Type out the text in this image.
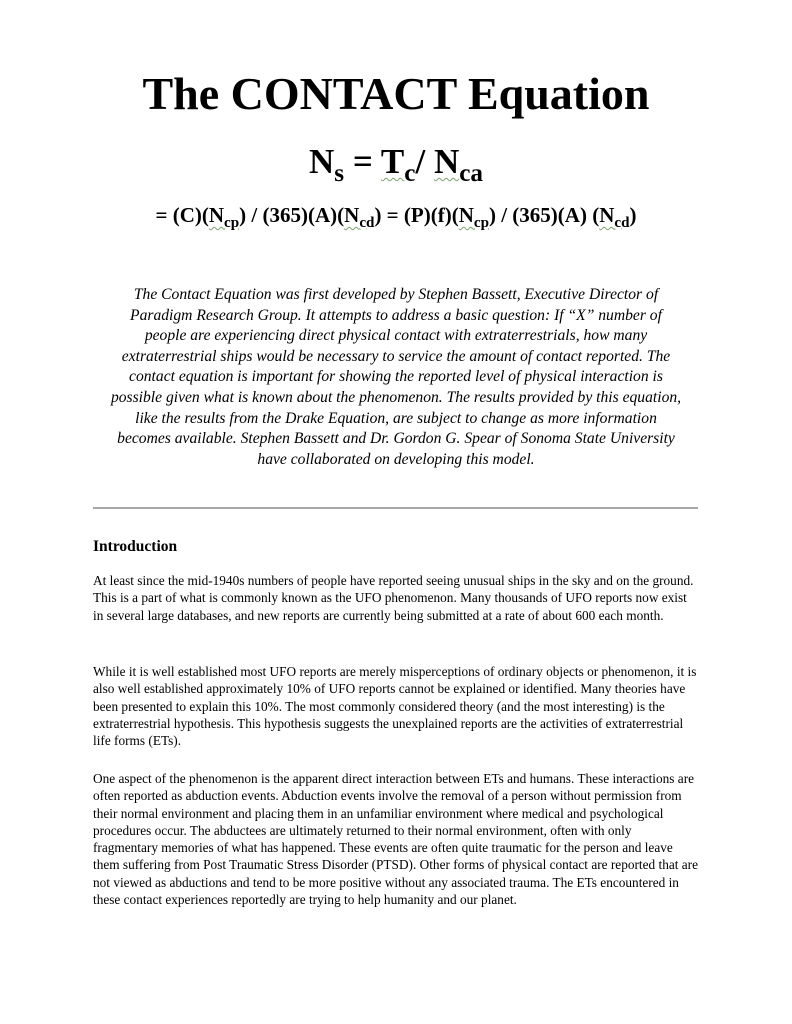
The CONTACT Equation
$N_s = T_c/$ $N_{ca}$
= $(C)(N_{cp}) / (365)(A)(N_{cd}) = (P)(f)(N_{cp}) / (365)(A)$ $(N_{cd})$

The Contact Equation was first developed by Stephen Bassett, Executive Director of Paradigm Research Group. It attempts to address a basic question: If “X” number of people are experiencing direct physical contact with extraterrestrials, how many extraterrestrial ships would be necessary to service the amount of contact reported. The contact equation is important for showing the reported level of physical interaction is possible given what is known about the phenomenon. The results provided by this equation, like the results from the Drake Equation, are subject to change as more information becomes available. Stephen Bassett and Dr. Gordon G. Spear of Sonoma State University have collaborated on developing this model.

Introduction

At least since the mid-1940s numbers of people have reported seeing unusual ships in the sky and on the ground. This is a part of what is commonly known as the UFO phenomenon. Many thousands of UFO reports now exist in several large databases, and new reports are currently being submitted at a rate of about 600 each month.

While it is well established most UFO reports are merely misperceptions of ordinary objects or phenomenon, it is also well established approximately 10% of UFO reports cannot be explained or identified. Many theories have been presented to explain this 10%. The most commonly considered theory (and the most interesting) is the extraterrestrial hypothesis. This hypothesis suggests the unexplained reports are the activities of extraterrestrial life forms (ETs).

One aspect of the phenomenon is the apparent direct interaction between ETs and humans. These interactions are often reported as abduction events. Abduction events involve the removal of a person without permission from their normal environment and placing them in an unfamiliar environment where medical and psychological procedures occur. The abductees are ultimately returned to their normal environment, often with only fragmentary memories of what has happened. These events are often quite traumatic for the person and leave them suffering from Post Traumatic Stress Disorder (PTSD). Other forms of physical contact are reported that are not viewed as abductions and tend to be more positive without any associated trauma. The ETs encountered in these contact experiences reportedly are trying to help humanity and our planet.
